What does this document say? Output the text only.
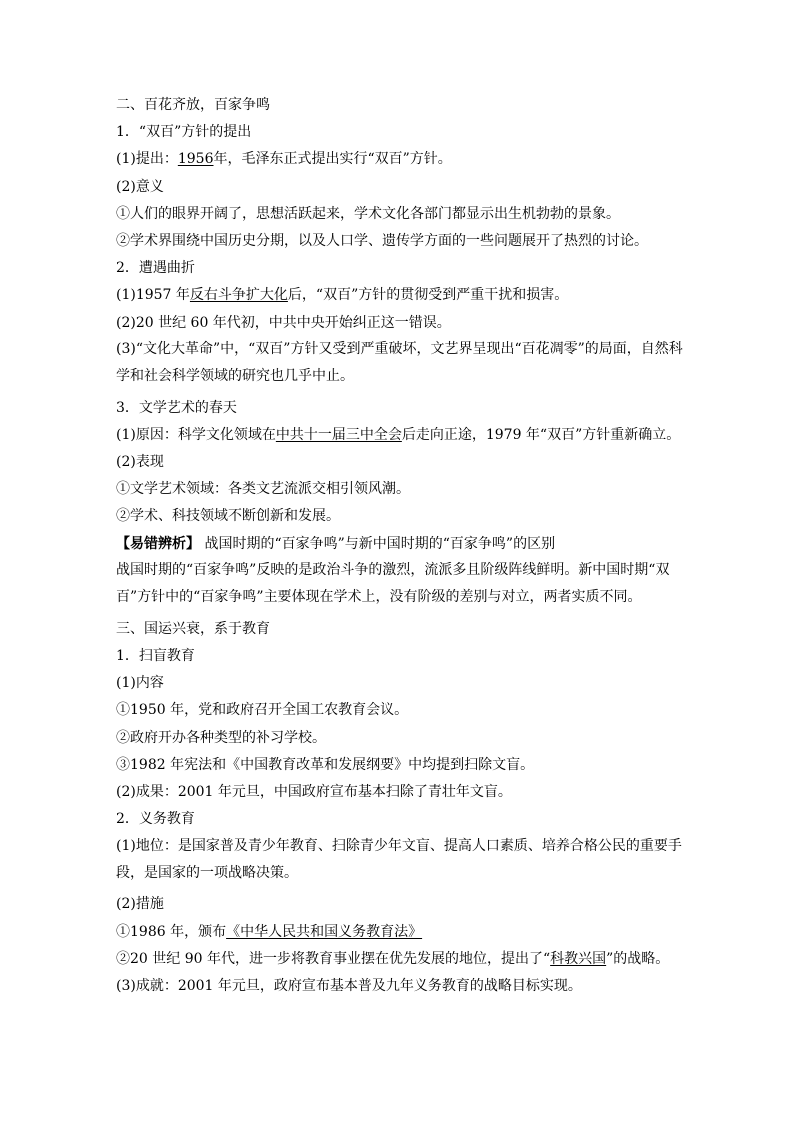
二、百花齐放，百家争鸣
1．“双百”方针的提出
(1)提出：1956年，毛泽东正式提出实行“双百”方针。
(2)意义
①人们的眼界开阔了，思想活跃起来，学术文化各部门都显示出生机勃勃的景象。
②学术界围绕中国历史分期，以及人口学、遗传学方面的一些问题展开了热烈的讨论。
2．遭遇曲折
(1)1957 年反右斗争扩大化后，“双百”方针的贯彻受到严重干扰和损害。
(2)20 世纪 60 年代初，中共中央开始纠正这一错误。
(3)“文化大革命”中，“双百”方针又受到严重破坏，文艺界呈现出“百花凋零”的局面，自然科学和社会科学领域的研究也几乎中止。
3．文学艺术的春天
(1)原因：科学文化领域在中共十一届三中全会后走向正途，1979 年“双百”方针重新确立。
(2)表现
①文学艺术领域：各类文艺流派交相引领风潮。
②学术、科技领域不断创新和发展。
【易错辨析】 战国时期的“百家争鸣”与新中国时期的“百家争鸣”的区别
战国时期的“百家争鸣”反映的是政治斗争的激烈，流派多且阶级阵线鲜明。新中国时期“双百”方针中的“百家争鸣”主要体现在学术上，没有阶级的差别与对立，两者实质不同。
三、国运兴衰，系于教育
1．扫盲教育
(1)内容
①1950 年，党和政府召开全国工农教育会议。
②政府开办各种类型的补习学校。
③1982 年宪法和《中国教育改革和发展纲要》中均提到扫除文盲。
(2)成果：2001 年元旦，中国政府宣布基本扫除了青壮年文盲。
2．义务教育
(1)地位：是国家普及青少年教育、扫除青少年文盲、提高人口素质、培养合格公民的重要手段，是国家的一项战略决策。
(2)措施
①1986 年，颁布《中华人民共和国义务教育法》
②20 世纪 90 年代，进一步将教育事业摆在优先发展的地位，提出了“科教兴国”的战略。
(3)成就：2001 年元旦，政府宣布基本普及九年义务教育的战略目标实现。
